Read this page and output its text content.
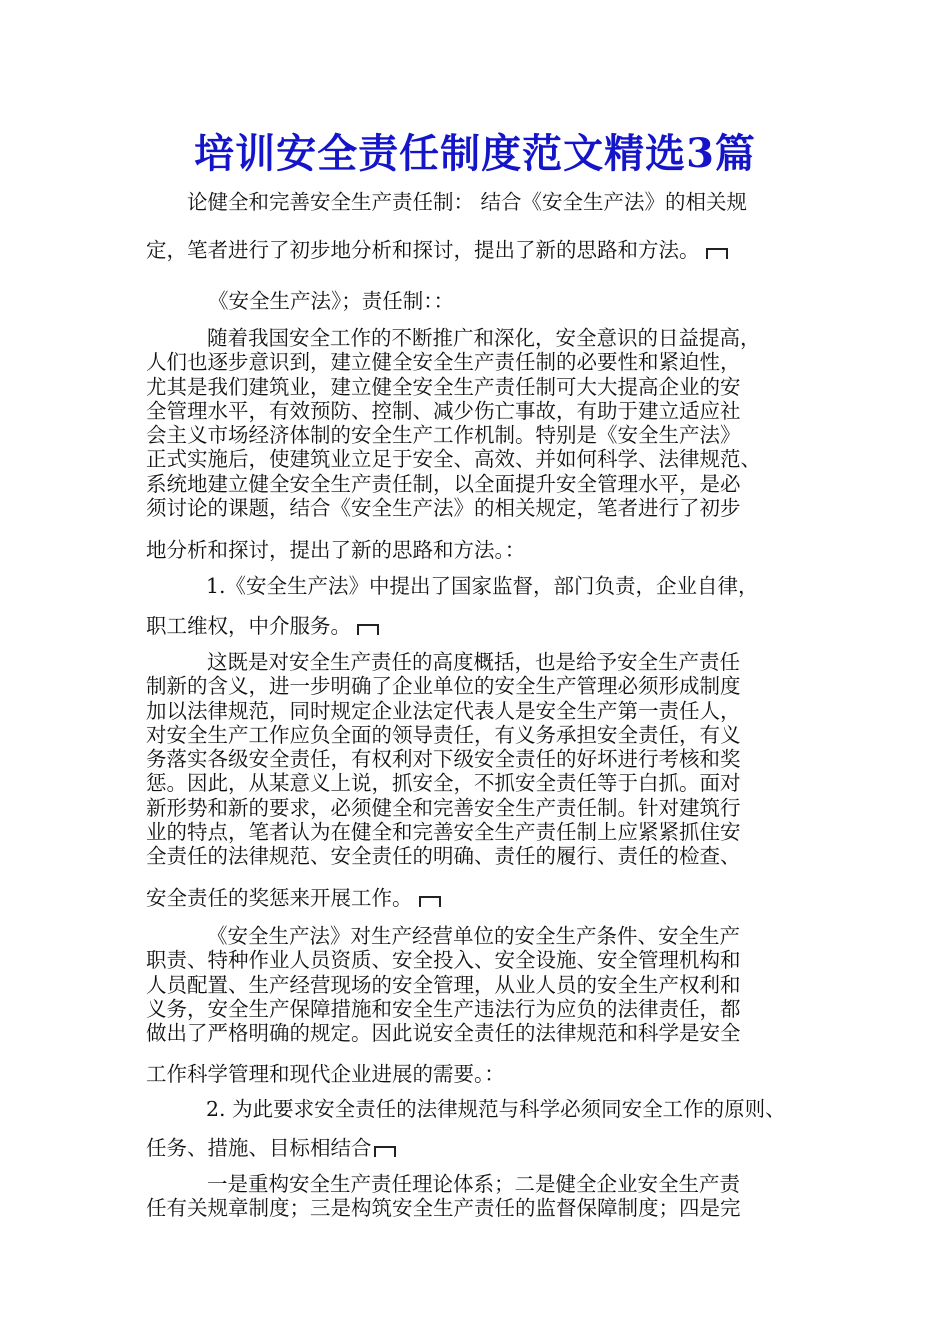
培训安全责任制度范文精选3篇
论健全和完善安全生产责任制： 结合《安全生产法》的相关规
定，笔者进行了初步地分析和探讨，提出了新的思路和方法。
《安全生产法》；责任制：：
随着我国安全工作的不断推广和深化，安全意识的日益提高，
人们也逐步意识到，建立健全安全生产责任制的必要性和紧迫性，
尤其是我们建筑业，建立健全安全生产责任制可大大提高企业的安
全管理水平，有效预防、控制、减少伤亡事故，有助于建立适应社
会主义市场经济体制的安全生产工作机制。特别是《安全生产法》
正式实施后，使建筑业立足于安全、高效、并如何科学、法律规范、
系统地建立健全安全生产责任制，以全面提升安全管理水平，是必
须讨论的课题，结合《安全生产法》的相关规定，笔者进行了初步
地分析和探讨，提出了新的思路和方法。：
1.《安全生产法》中提出了国家监督，部门负责，企业自律，
职工维权，中介服务。
这既是对安全生产责任的高度概括，也是给予安全生产责任
制新的含义，进一步明确了企业单位的安全生产管理必须形成制度
加以法律规范，同时规定企业法定代表人是安全生产第一责任人，
对安全生产工作应负全面的领导责任，有义务承担安全责任，有义
务落实各级安全责任，有权利对下级安全责任的好坏进行考核和奖
惩。因此，从某意义上说，抓安全，不抓安全责任等于白抓。面对
新形势和新的要求，必须健全和完善安全生产责任制。针对建筑行
业的特点，笔者认为在健全和完善安全生产责任制上应紧紧抓住安
全责任的法律规范、安全责任的明确、责任的履行、责任的检查、
安全责任的奖惩来开展工作。
《安全生产法》对生产经营单位的安全生产条件、安全生产
职责、特种作业人员资质、安全投入、安全设施、安全管理机构和
人员配置、生产经营现场的安全管理，从业人员的安全生产权利和
义务，安全生产保障措施和安全生产违法行为应负的法律责任，都
做出了严格明确的规定。因此说安全责任的法律规范和科学是安全
工作科学管理和现代企业进展的需要。：
2. 为此要求安全责任的法律规范与科学必须同安全工作的原则、
任务、措施、目标相结合
一是重构安全生产责任理论体系；二是健全企业安全生产责
任有关规章制度；三是构筑安全生产责任的监督保障制度；四是完
